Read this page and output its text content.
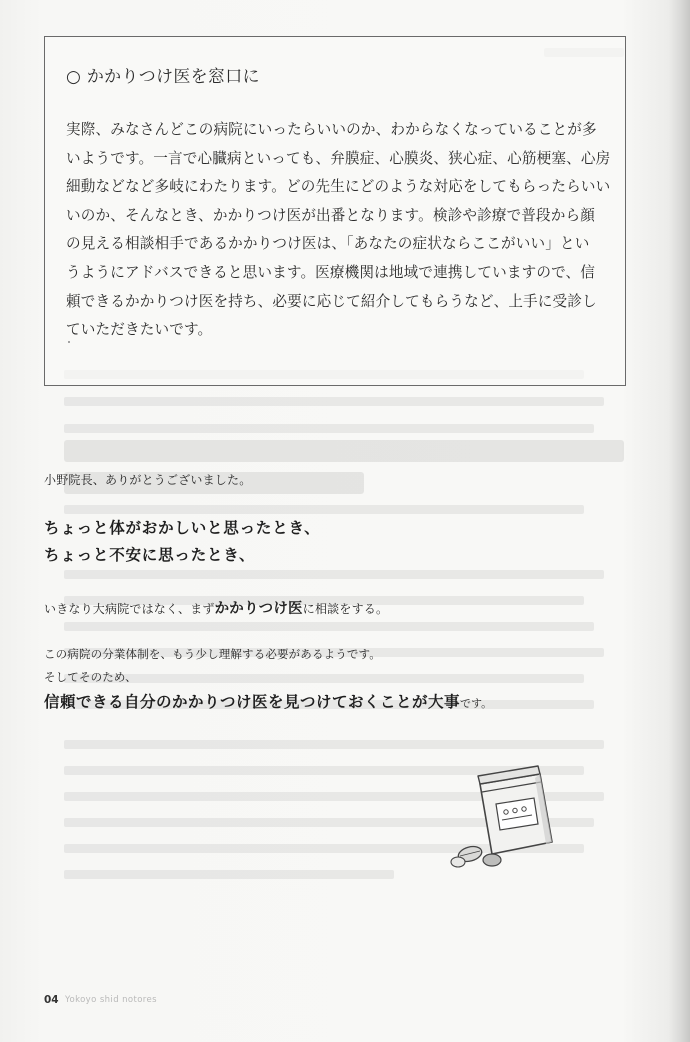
○ かかりつけ医を窓口に
実際、みなさんどこの病院にいったらいいのか、わからなくなっていることが多
いようです。一言で心臓病といっても、弁膜症、心膜炎、狭心症、心筋梗塞、心房
細動などなど多岐にわたります。どの先生にどのような対応をしてもらったらいい
いのか、そんなとき、かかりつけ医が出番となります。検診や診療で普段から顔
の見える相談相手であるかかりつけ医は、「あなたの症状ならここがいい」とい
うようにアドバスできると思います。医療機関は地域で連携していますので、信
頼できるかかりつけ医を持ち、必要に応じて紹介してもらうなど、上手に受診し
ていただきたいです。
小野院長、ありがとうございました。
ちょっと体がおかしいと思ったとき、
ちょっと不安に思ったとき、
いきなり大病院ではなく、まずかかりつけ医に相談をする。
この病院の分業体制を、もう少し理解する必要があるようです。
そしてそのため、
信頼できる自分のかかりつけ医を見つけておくことが大事です。
04 Yokoyo shid notores
